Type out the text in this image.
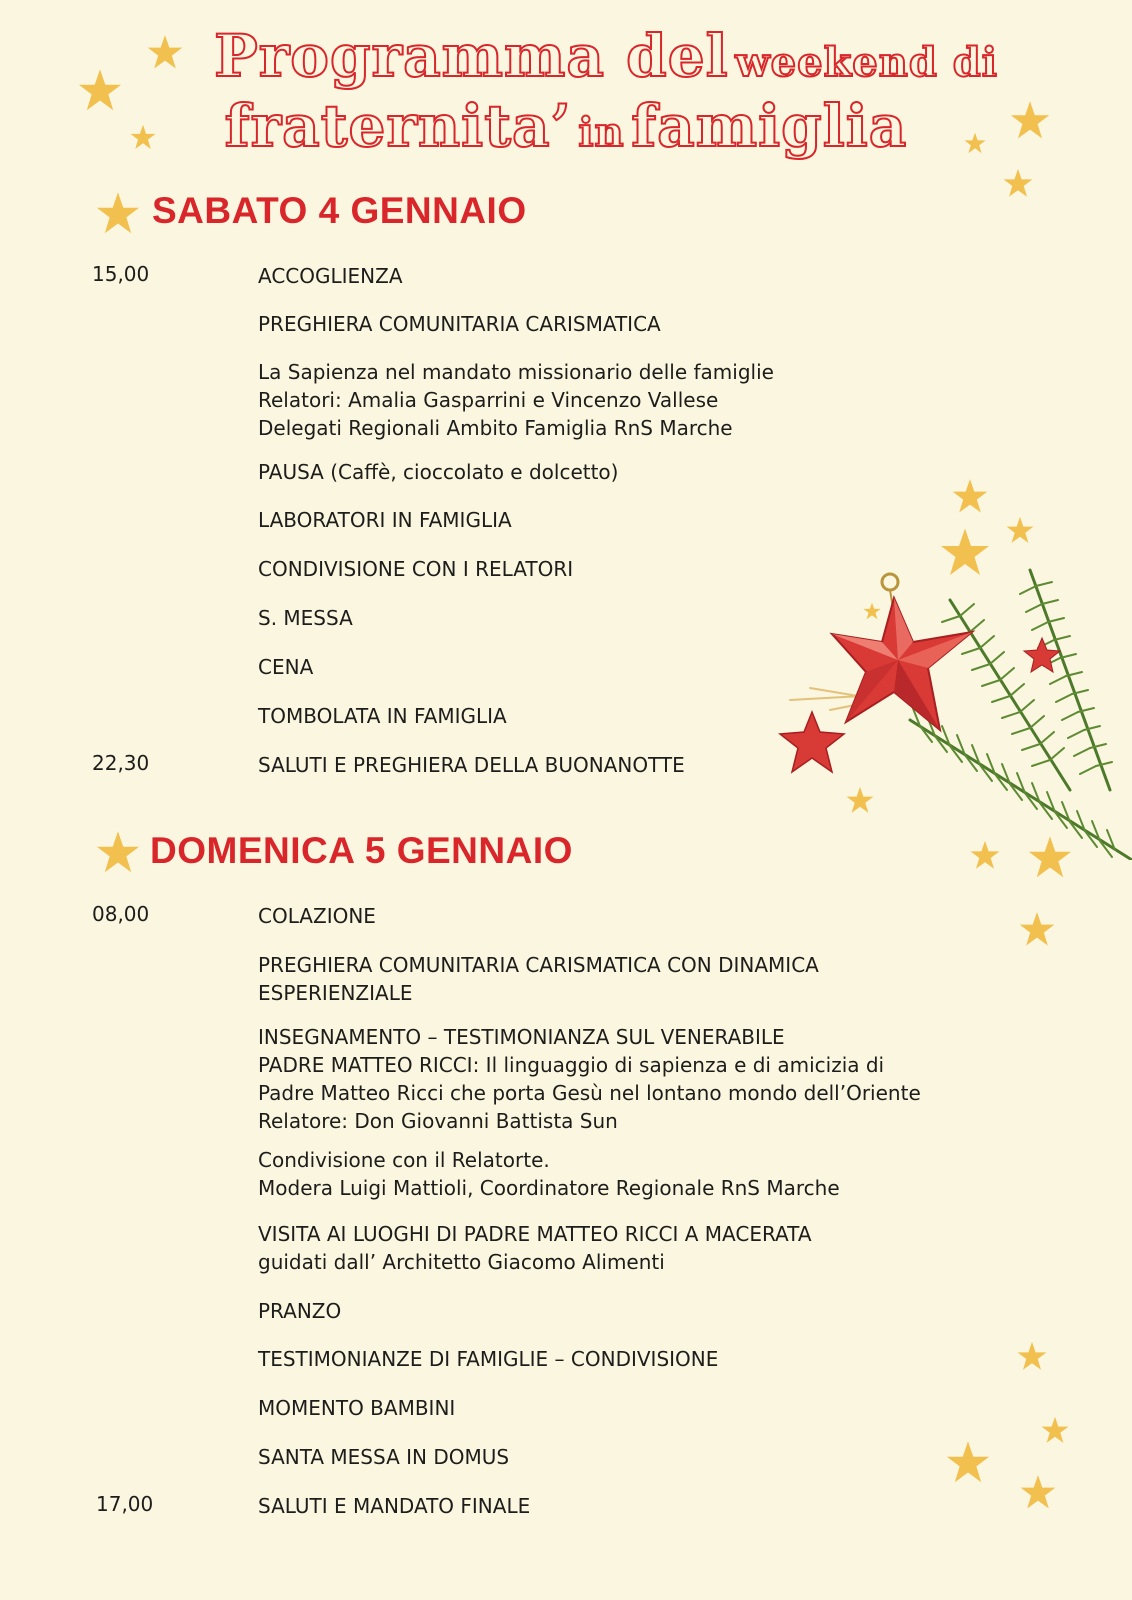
Programma del weekend di
fraternita’ in famiglia
SABATO 4 GENNAIO
DOMENICA 5 GENNAIO
15,00	ACCOGLIENZA
PREGHIERA COMUNITARIA CARISMATICA
La Sapienza nel mandato missionario delle famiglie
Relatori: Amalia Gasparrini e Vincenzo Vallese
Delegati Regionali Ambito Famiglia RnS Marche
PAUSA (Caffè, cioccolato e dolcetto)
LABORATORI IN FAMIGLIA
CONDIVISIONE CON I RELATORI
S. MESSA
CENA
TOMBOLATA IN FAMIGLIA
22,30	SALUTI E PREGHIERA DELLA BUONANOTTE
08,00	COLAZIONE
PREGHIERA COMUNITARIA CARISMATICA CON DINAMICA
ESPERIENZIALE
INSEGNAMENTO – TESTIMONIANZA SUL VENERABILE
PADRE MATTEO RICCI: Il linguaggio di sapienza e di amicizia di
Padre Matteo Ricci che porta Gesù nel lontano mondo dell’Oriente
Relatore: Don Giovanni Battista Sun
Condivisione con il Relatorte.
Modera Luigi Mattioli, Coordinatore Regionale RnS Marche
VISITA AI LUOGHI DI PADRE MATTEO RICCI A MACERATA
guidati dall’ Architetto Giacomo Alimenti
PRANZO
TESTIMONIANZE DI FAMIGLIE – CONDIVISIONE
MOMENTO BAMBINI
SANTA MESSA IN DOMUS
17,00	SALUTI E MANDATO FINALE
